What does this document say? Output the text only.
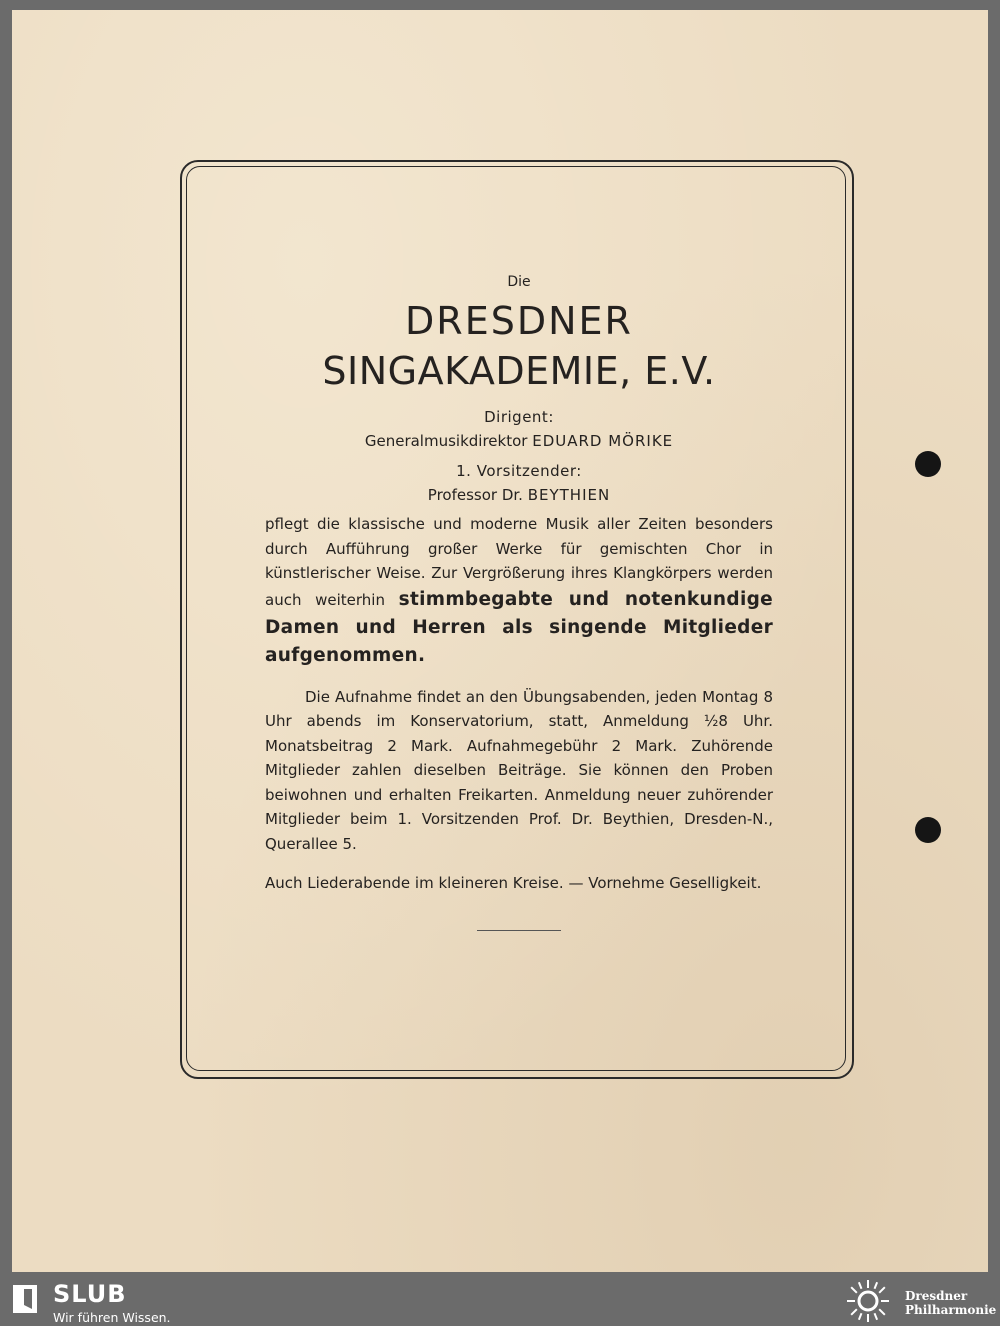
Die
DRESDNER
SINGAKADEMIE, E.V.
Dirigent:
Generalmusikdirektor EDUARD MÖRIKE
1. Vorsitzender:
Professor Dr. BEYTHIEN

pflegt die klassische und moderne Musik aller Zeiten besonders durch Aufführung großer Werke für gemischten Chor in künstlerischer Weise. Zur Vergrößerung ihres Klangkörpers werden auch weiterhin stimmbegabte und notenkundige Damen und Herren als singende Mitglieder aufgenommen.

Die Aufnahme findet an den Übungsabenden, jeden Montag 8 Uhr abends im Konservatorium, statt, Anmeldung ½8 Uhr. Monatsbeitrag 2 Mark. Aufnahmegebühr 2 Mark. Zuhörende Mitglieder zahlen dieselben Beiträge. Sie können den Proben beiwohnen und erhalten Freikarten. Anmeldung neuer zuhörender Mitglieder beim 1. Vorsitzenden Prof. Dr. Beythien, Dresden-N., Querallee 5.

Auch Liederabende im kleineren Kreise. — Vornehme Geselligkeit.

SLUB
Wir führen Wissen.
Dresdner
Philharmonie
